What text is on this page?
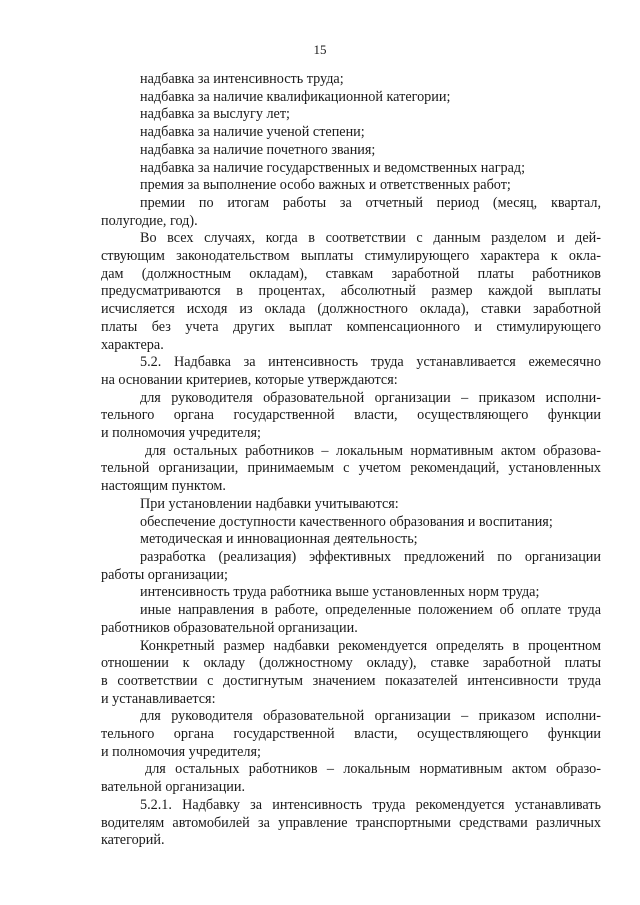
15
надбавка за интенсивность труда;
надбавка за наличие квалификационной категории;
надбавка за выслугу лет;
надбавка за наличие ученой степени;
надбавка за наличие почетного звания;
надбавка за наличие государственных и ведомственных наград;
премия за выполнение особо важных и ответственных работ;
премии по итогам работы за отчетный период (месяц, квартал,
полугодие, год).
Во всех случаях, когда в соответствии с данным разделом и дей-
ствующим законодательством выплаты стимулирующего характера к окла-
дам (должностным окладам), ставкам заработной платы работников
предусматриваются в процентах, абсолютный размер каждой выплаты
исчисляется исходя из оклада (должностного оклада), ставки заработной
платы без учета других выплат компенсационного и стимулирующего
характера.
5.2. Надбавка за интенсивность труда устанавливается ежемесячно
на основании критериев, которые утверждаются:
для руководителя образовательной организации – приказом исполни-
тельного органа государственной власти, осуществляющего функции
и полномочия учредителя;
для остальных работников – локальным нормативным актом образова-
тельной организации, принимаемым с учетом рекомендаций, установленных
настоящим пунктом.
При установлении надбавки учитываются:
обеспечение доступности качественного образования и воспитания;
методическая и инновационная деятельность;
разработка (реализация) эффективных предложений по организации
работы организации;
интенсивность труда работника выше установленных норм труда;
иные направления в работе, определенные положением об оплате труда
работников образовательной организации.
Конкретный размер надбавки рекомендуется определять в процентном
отношении к окладу (должностному окладу), ставке заработной платы
в соответствии с достигнутым значением показателей интенсивности труда
и устанавливается:
для руководителя образовательной организации – приказом исполни-
тельного органа государственной власти, осуществляющего функции
и полномочия учредителя;
для остальных работников – локальным нормативным актом образо-
вательной организации.
5.2.1. Надбавку за интенсивность труда рекомендуется устанавливать
водителям автомобилей за управление транспортными средствами различных
категорий.
